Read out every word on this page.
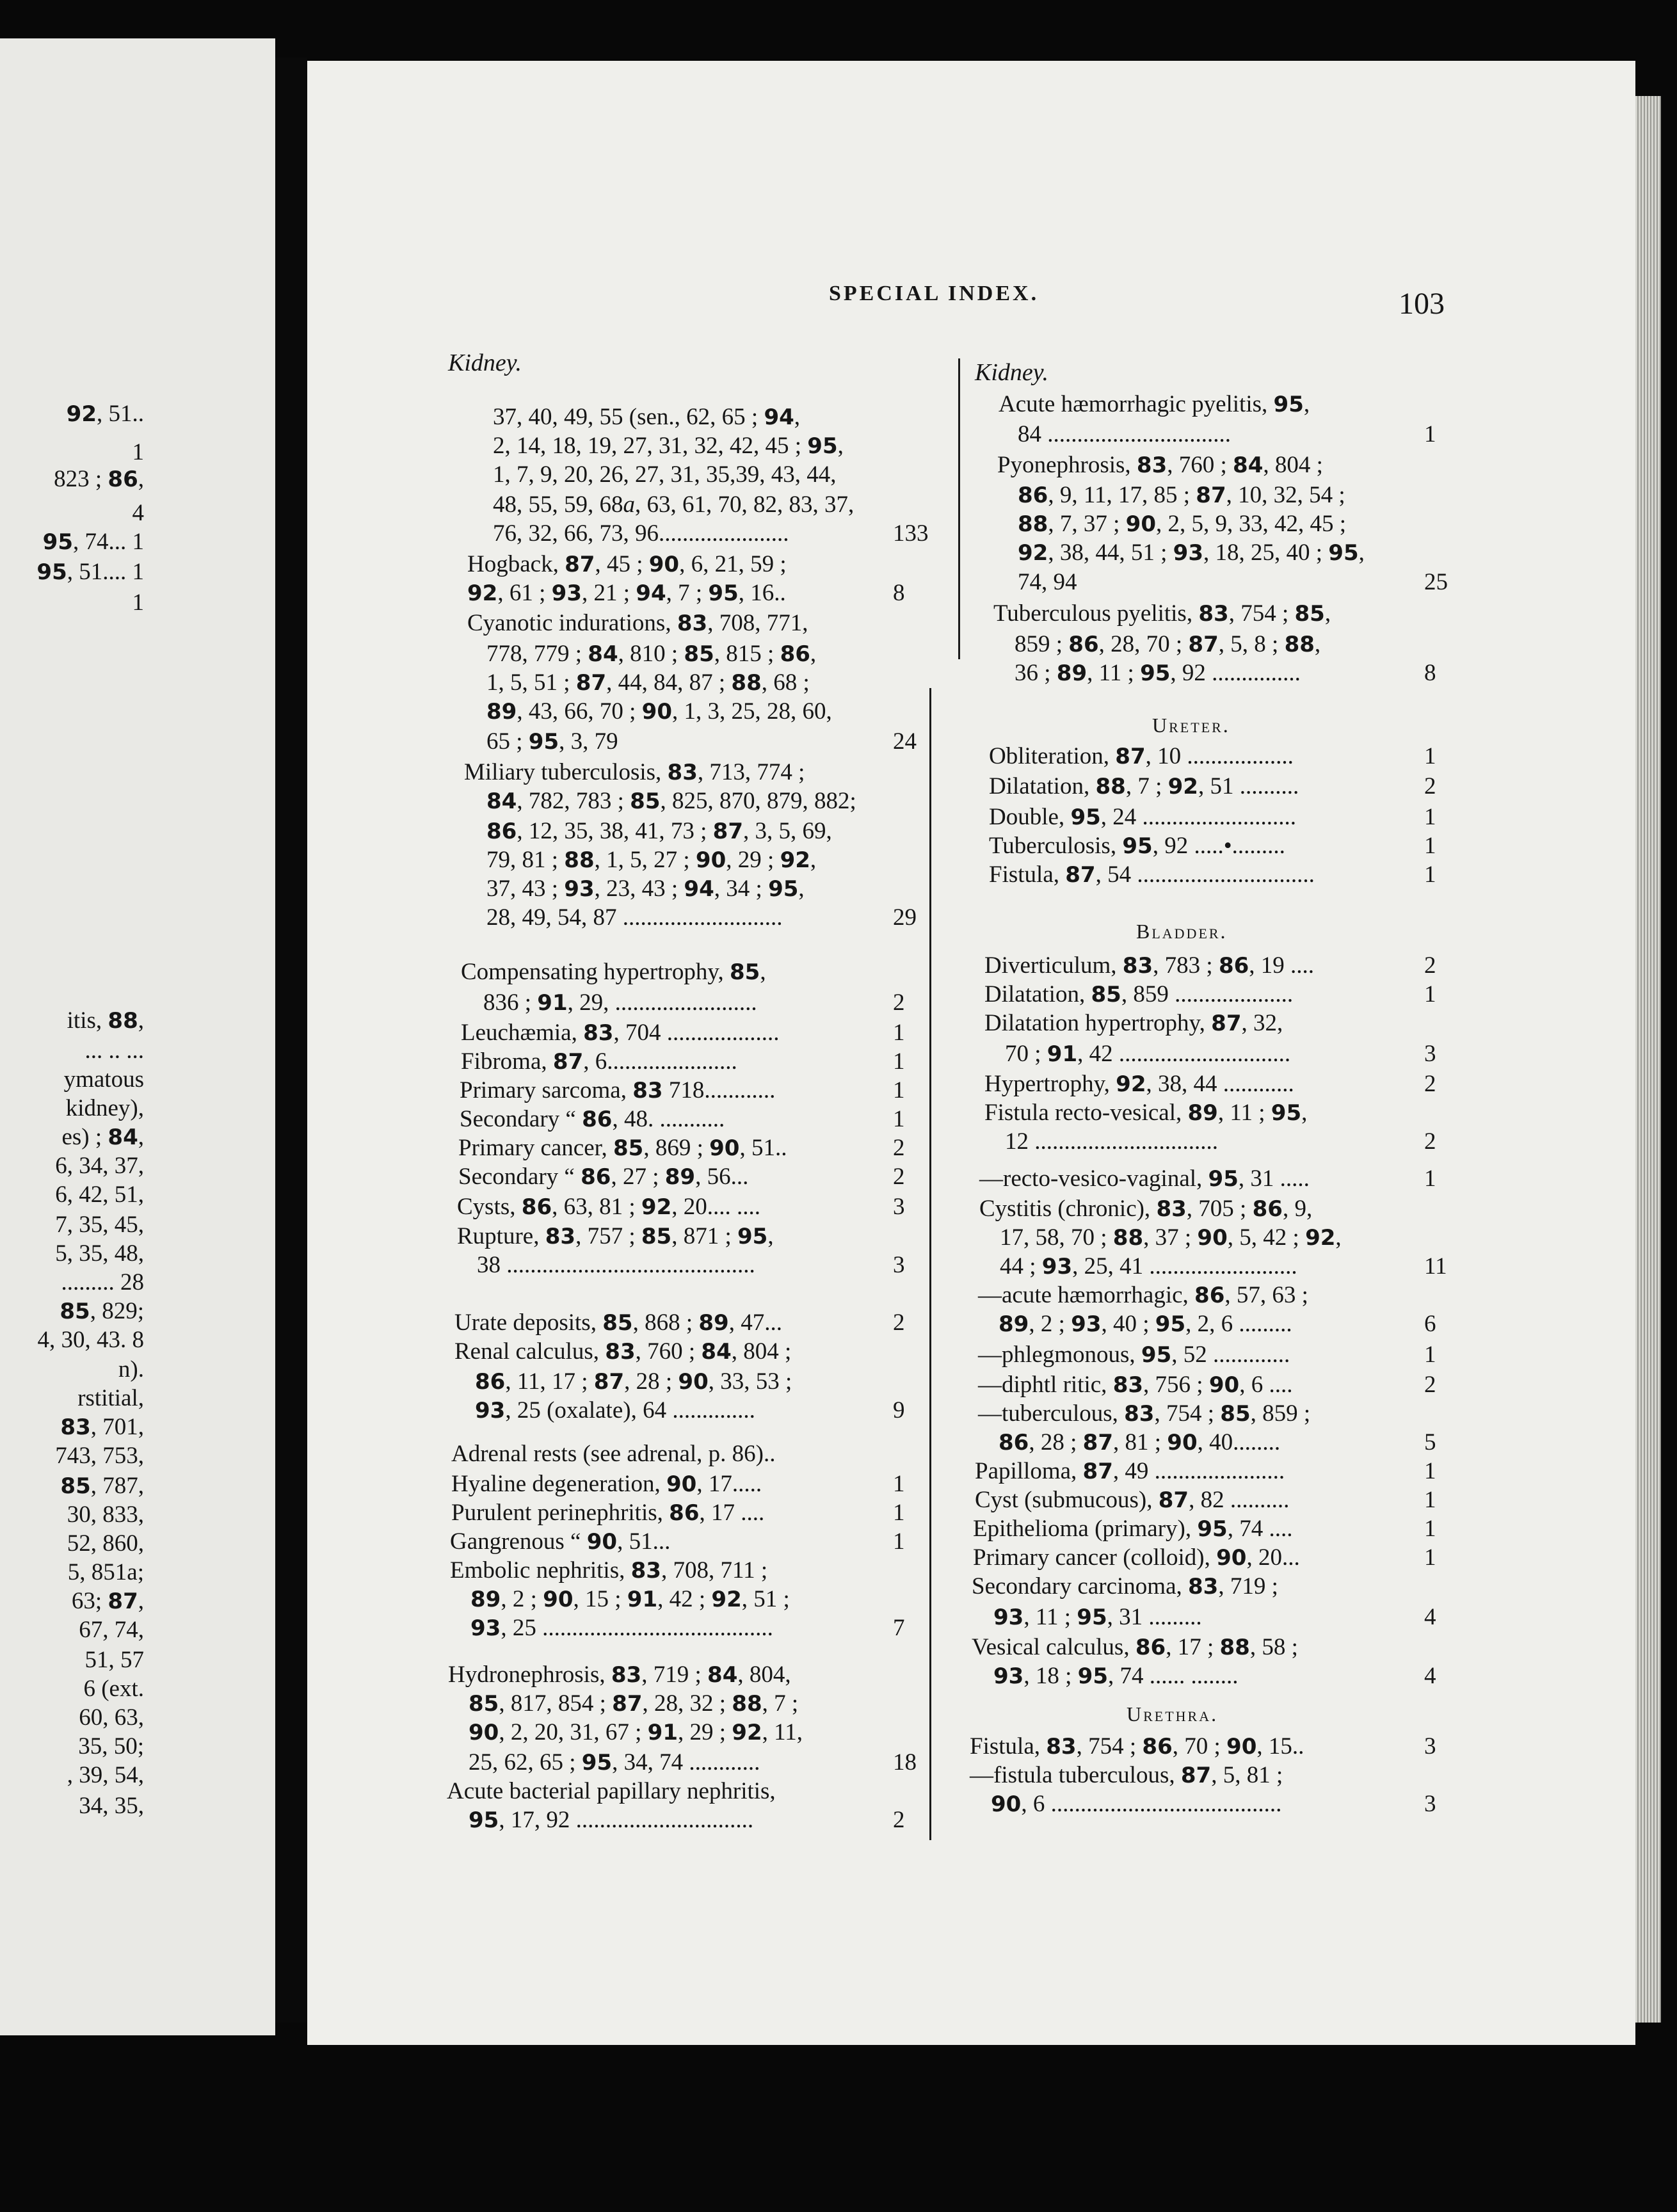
92, 51..
1
823 ; 86,
4
95, 74... 1
95, 51.... 1
1
itis, 88,
... .. ...
ymatous
kidney),
es) ; 84,
6, 34, 37,
6, 42, 51,
7, 35, 45,
5, 35, 48,
......... 28
85, 829;
4, 30, 43. 8
n).
rstitial,
83, 701,
743, 753,
85, 787,
30, 833,
52, 860,
5, 851a;
63; 87,
67, 74,
51, 57
6 (ext.
60, 63,
35, 50;
, 39, 54,
34, 35,
SPECIAL INDEX.	103
Kidney.	Kidney.
37, 40, 49, 55 (sen., 62, 65 ; 94,
2, 14, 18, 19, 27, 31, 32, 42, 45 ; 95,
1, 7, 9, 20, 26, 27, 31, 35,39, 43, 44,
48, 55, 59, 68a, 63, 61, 70, 82, 83, 37,
76, 32, 66, 73, 96......................	133
Hogback, 87, 45 ; 90, 6, 21, 59 ;
92, 61 ; 93, 21 ; 94, 7 ; 95, 16..	8
Cyanotic indurations, 83, 708, 771,
778, 779 ; 84, 810 ; 85, 815 ; 86,
1, 5, 51 ; 87, 44, 84, 87 ; 88, 68 ;
89, 43, 66, 70 ; 90, 1, 3, 25, 28, 60,
65 ; 95, 3, 79	24
Miliary tuberculosis, 83, 713, 774 ;
84, 782, 783 ; 85, 825, 870, 879, 882;
86, 12, 35, 38, 41, 73 ; 87, 3, 5, 69,
79, 81 ; 88, 1, 5, 27 ; 90, 29 ; 92,
37, 43 ; 93, 23, 43 ; 94, 34 ; 95,
28, 49, 54, 87 ...........................	29
Compensating hypertrophy, 85,
836 ; 91, 29, ........................	2
Leuchæmia, 83, 704 ...................	1
Fibroma, 87, 6......................	1
Primary sarcoma, 83 718............	1
Secondary “ 86, 48. ...........	1
Primary cancer, 85, 869 ; 90, 51..	2
Secondary “ 86, 27 ; 89, 56...	2
Cysts, 86, 63, 81 ; 92, 20.... ....	3
Rupture, 83, 757 ; 85, 871 ; 95,
38 ..........................................	3
Urate deposits, 85, 868 ; 89, 47...	2
Renal calculus, 83, 760 ; 84, 804 ;
86, 11, 17 ; 87, 28 ; 90, 33, 53 ;
93, 25 (oxalate), 64 ..............	9
Adrenal rests (see adrenal, p. 86)..
Hyaline degeneration, 90, 17.....	1
Purulent perinephritis, 86, 17 ....	1
Gangrenous “ 90, 51...	1
Embolic nephritis, 83, 708, 711 ;
89, 2 ; 90, 15 ; 91, 42 ; 92, 51 ;
93, 25 .......................................	7
Hydronephrosis, 83, 719 ; 84, 804,
85, 817, 854 ; 87, 28, 32 ; 88, 7 ;
90, 2, 20, 31, 67 ; 91, 29 ; 92, 11,
25, 62, 65 ; 95, 34, 74 ............	18
Acute bacterial papillary nephritis,
95, 17, 92 ..............................	2
Acute hæmorrhagic pyelitis, 95,
84 ...............................	1
Pyonephrosis, 83, 760 ; 84, 804 ;
86, 9, 11, 17, 85 ; 87, 10, 32, 54 ;
88, 7, 37 ; 90, 2, 5, 9, 33, 42, 45 ;
92, 38, 44, 51 ; 93, 18, 25, 40 ; 95,
74, 94	25
Tuberculous pyelitis, 83, 754 ; 85,
859 ; 86, 28, 70 ; 87, 5, 8 ; 88,
36 ; 89, 11 ; 95, 92 ...............	8
Obliteration, 87, 10 ..................	1
Dilatation, 88, 7 ; 92, 51 ..........	2
Double, 95, 24 ..........................	1
Tuberculosis, 95, 92 .....•.........	1
Fistula, 87, 54 ..............................	1
Diverticulum, 83, 783 ; 86, 19 ....	2
Dilatation, 85, 859 ....................	1
Dilatation hypertrophy, 87, 32,
70 ; 91, 42 .............................	3
Hypertrophy, 92, 38, 44 ............	2
Fistula recto-vesical, 89, 11 ; 95,
12 ...............................	2
—recto-vesico-vaginal, 95, 31 .....	1
Cystitis (chronic), 83, 705 ; 86, 9,
17, 58, 70 ; 88, 37 ; 90, 5, 42 ; 92,
44 ; 93, 25, 41 .........................	11
—acute hæmorrhagic, 86, 57, 63 ;
89, 2 ; 93, 40 ; 95, 2, 6 .........	6
—phlegmonous, 95, 52 .............	1
—diphtl ritic, 83, 756 ; 90, 6 ....	2
—tuberculous, 83, 754 ; 85, 859 ;
86, 28 ; 87, 81 ; 90, 40........	5
Papilloma, 87, 49 ......................	1
Cyst (submucous), 87, 82 ..........	1
Epithelioma (primary), 95, 74 ....	1
Primary cancer (colloid), 90, 20...	1
Secondary carcinoma, 83, 719 ;
93, 11 ; 95, 31 .........	4
Vesical calculus, 86, 17 ; 88, 58 ;
93, 18 ; 95, 74 ...... ........	4
Fistula, 83, 754 ; 86, 70 ; 90, 15..	3
—fistula tuberculous, 87, 5, 81 ;
90, 6 .......................................	3
Ureter.
Bladder.
Urethra.
